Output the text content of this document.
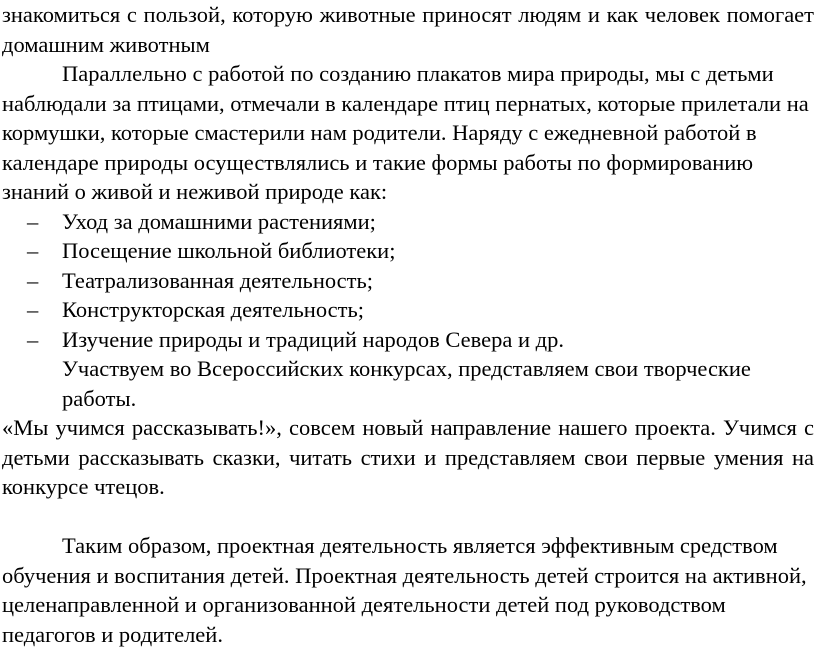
знакомиться с пользой, которую животные приносят людям и как человек помогает домашним животным

Параллельно с работой по созданию плакатов мира природы, мы с детьми наблюдали за птицами, отмечали в календаре птиц пернатых, которые прилетали на кормушки, которые смастерили нам родители. Наряду с ежедневной работой в календаре природы осуществлялись и такие формы работы по формированию знаний о живой и неживой природе как:

– Уход за домашними растениями;
– Посещение школьной библиотеки;
– Театрализованная деятельность;
– Конструкторская деятельность;
– Изучение природы и традиций народов Севера и др.

Участвуем во Всероссийских конкурсах, представляем свои творческие работы.

«Мы учимся рассказывать!», совсем новый направление нашего проекта. Учимся с детьми рассказывать сказки, читать стихи и представляем свои первые умения на конкурсе чтецов.

Таким образом, проектная деятельность является эффективным средством обучения и воспитания детей. Проектная деятельность детей строится на активной, целенаправленной и организованной деятельности детей под руководством педагогов и родителей.
